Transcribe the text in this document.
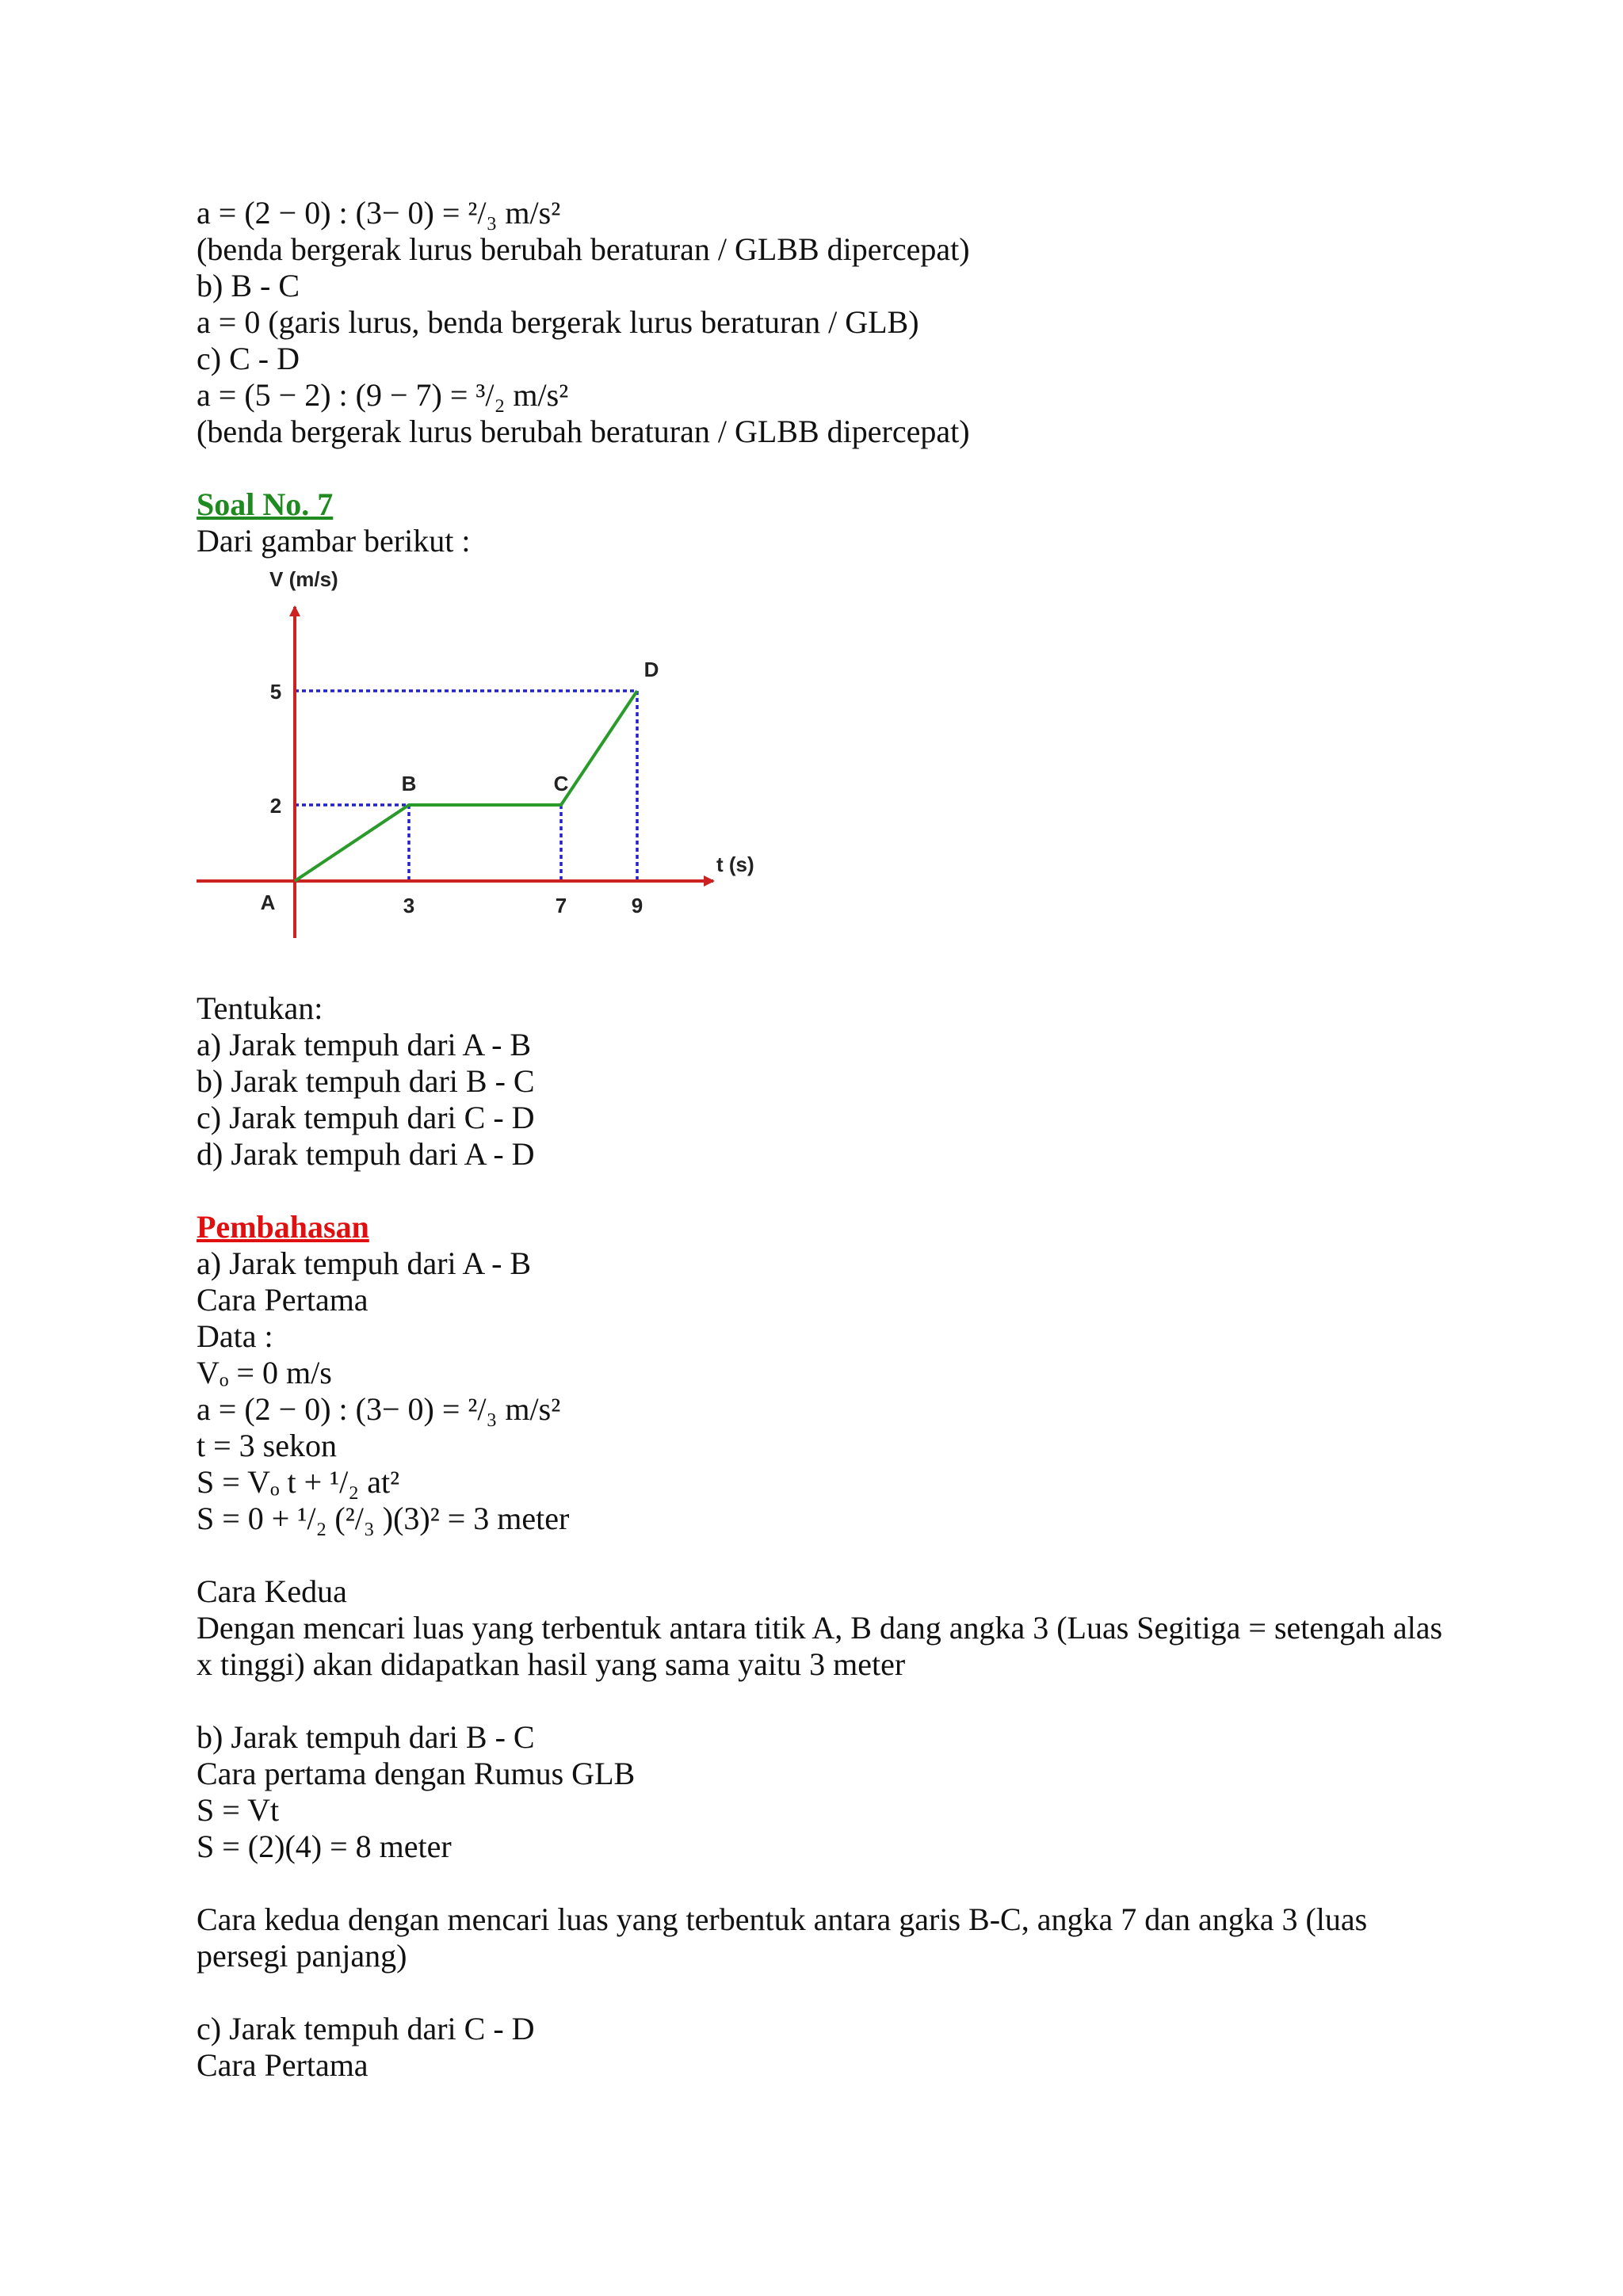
a = (2 − 0) : (3− 0) = ²/₃ m/s²
(benda bergerak lurus berubah beraturan / GLBB dipercepat)
b) B - C
a = 0 (garis lurus, benda bergerak lurus beraturan / GLB)
c) C - D
a = (5 − 2) : (9 − 7) = ³/₂ m/s²
(benda bergerak lurus berubah beraturan / GLBB dipercepat)
Soal No. 7
Dari gambar berikut :
V (m/s)
t (s)
3	7	9
2
5
A
B	C
D
Tentukan:
a) Jarak tempuh dari A - B
b) Jarak tempuh dari B - C
c) Jarak tempuh dari C - D
d) Jarak tempuh dari A - D
Pembahasan
a) Jarak tempuh dari A - B
Cara Pertama
Data :
Vₒ = 0 m/s
a = (2 − 0) : (3− 0) = ²/₃ m/s²
t = 3 sekon
S = Vₒ t + ¹/₂ at²
S = 0 + ¹/₂ (²/₃ )(3)² = 3 meter
Cara Kedua
Dengan mencari luas yang terbentuk antara titik A, B dang angka 3 (Luas Segitiga = setengah alas x tinggi) akan didapatkan hasil yang sama yaitu 3 meter
b) Jarak tempuh dari B - C
Cara pertama dengan Rumus GLB
S = Vt
S = (2)(4) = 8 meter
Cara kedua dengan mencari luas yang terbentuk antara garis B-C, angka 7 dan angka 3 (luas persegi panjang)
c) Jarak tempuh dari C - D
Cara Pertama
